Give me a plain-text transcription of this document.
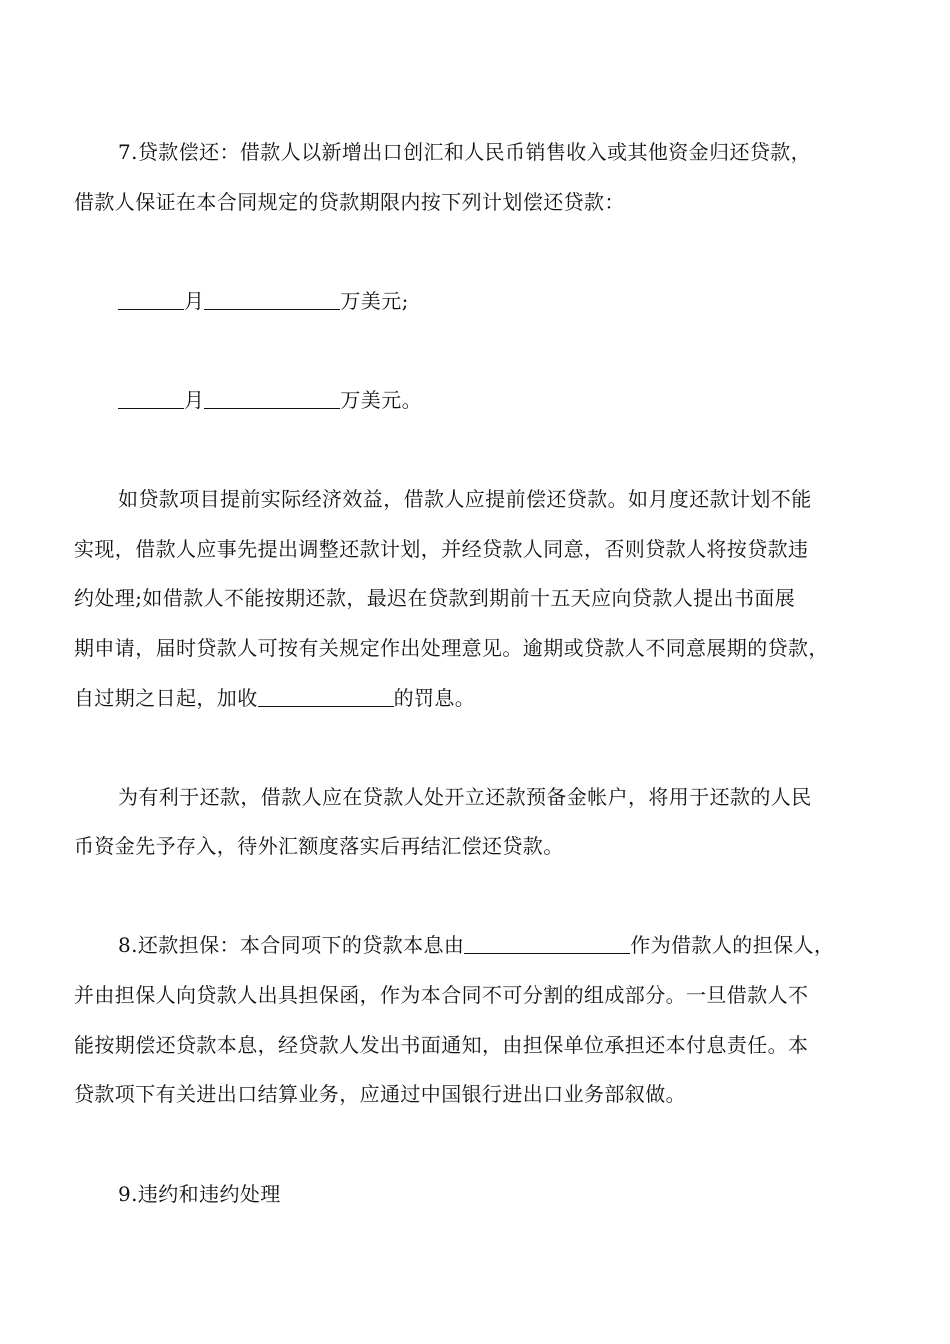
7.贷款偿还：借款人以新增出口创汇和人民币销售收入或其他资金归还贷款，
借款人保证在本合同规定的贷款期限内按下列计划偿还贷款：
月	万美元;
月	万美元。
如贷款项目提前实际经济效益，借款人应提前偿还贷款。如月度还款计划不能
实现，借款人应事先提出调整还款计划，并经贷款人同意，否则贷款人将按贷款违
约处理;如借款人不能按期还款，最迟在贷款到期前十五天应向贷款人提出书面展
期申请，届时贷款人可按有关规定作出处理意见。逾期或贷款人不同意展期的贷款，
自过期之日起，加收	的罚息。
为有利于还款，借款人应在贷款人处开立还款预备金帐户，将用于还款的人民
币资金先予存入，待外汇额度落实后再结汇偿还贷款。
8.还款担保：本合同项下的贷款本息由	作为借款人的担保人，
并由担保人向贷款人出具担保函，作为本合同不可分割的组成部分。一旦借款人不
能按期偿还贷款本息，经贷款人发出书面通知，由担保单位承担还本付息责任。本
贷款项下有关进出口结算业务，应通过中国银行进出口业务部叙做。
9.违约和违约处理
